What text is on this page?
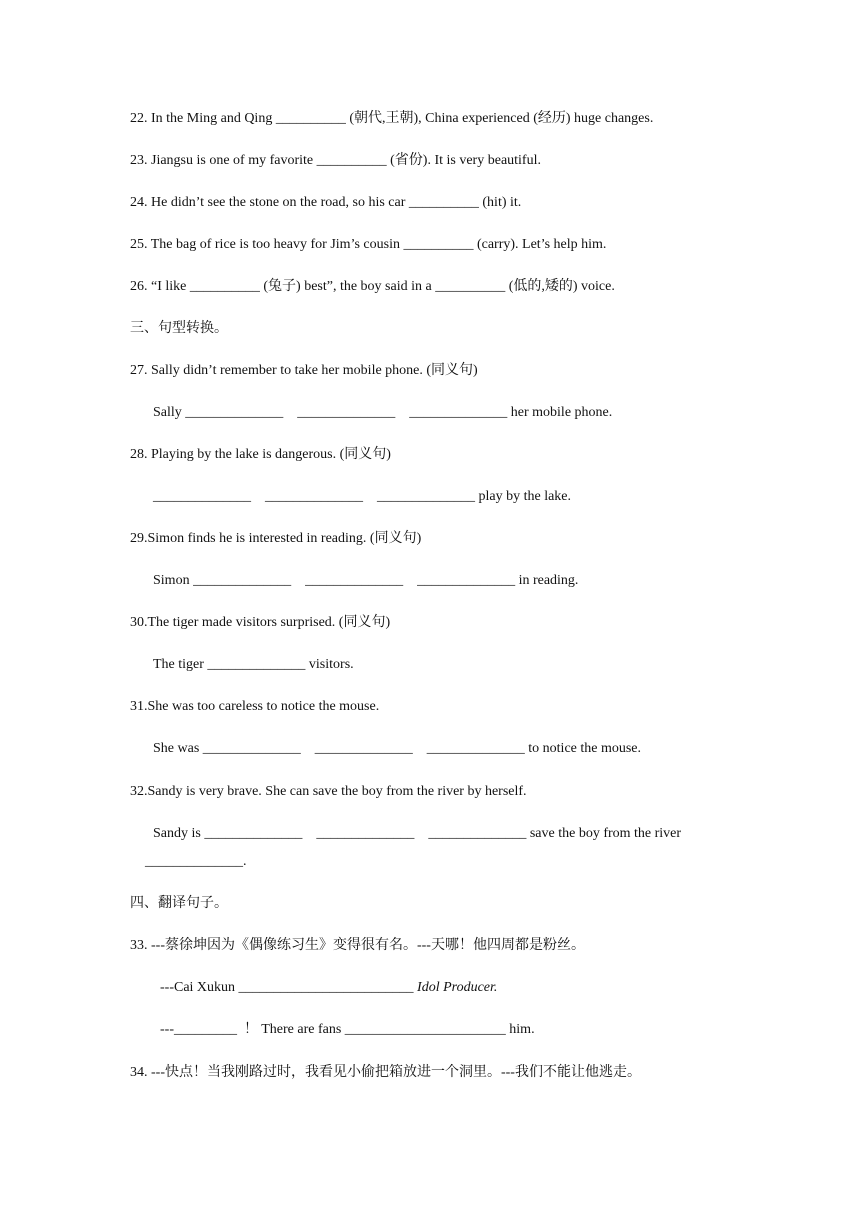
22. In the Ming and Qing __________ (朝代,王朝), China experienced (经历) huge changes.
23. Jiangsu is one of my favorite __________ (省份). It is very beautiful.
24. He didn’t see the stone on the road, so his car __________ (hit) it.
25. The bag of rice is too heavy for Jim’s cousin __________ (carry). Let’s help him.
26. “I like __________ (兔子) best”, the boy said in a __________ (低的,矮的) voice.
三、句型转换。
27. Sally didn’t remember to take her mobile phone. (同义句)
Sally ______________    ______________    ______________ her mobile phone.
28. Playing by the lake is dangerous. (同义句)
______________    ______________    ______________ play by the lake.
29.Simon finds he is interested in reading. (同义句)
Simon ______________    ______________    ______________ in reading.
30.The tiger made visitors surprised. (同义句)
The tiger ______________ visitors.
31.She was too careless to notice the mouse.
She was ______________    ______________    ______________ to notice the mouse.
32.Sandy is very brave. She can save the boy from the river by herself.
Sandy is ______________    ______________    ______________ save the boy from the river
______________.
四、翻译句子。
33. ---蔡徐坤因为《偶像练习生》变得很有名。---天哪！他四周都是粉丝。
---Cai Xukun _________________________ Idol Producer.
---_________  ！ There are fans _______________________ him.
34. ---快点！当我刚路过时，我看见小偷把箱放进一个洞里。---我们不能让他逃走。
